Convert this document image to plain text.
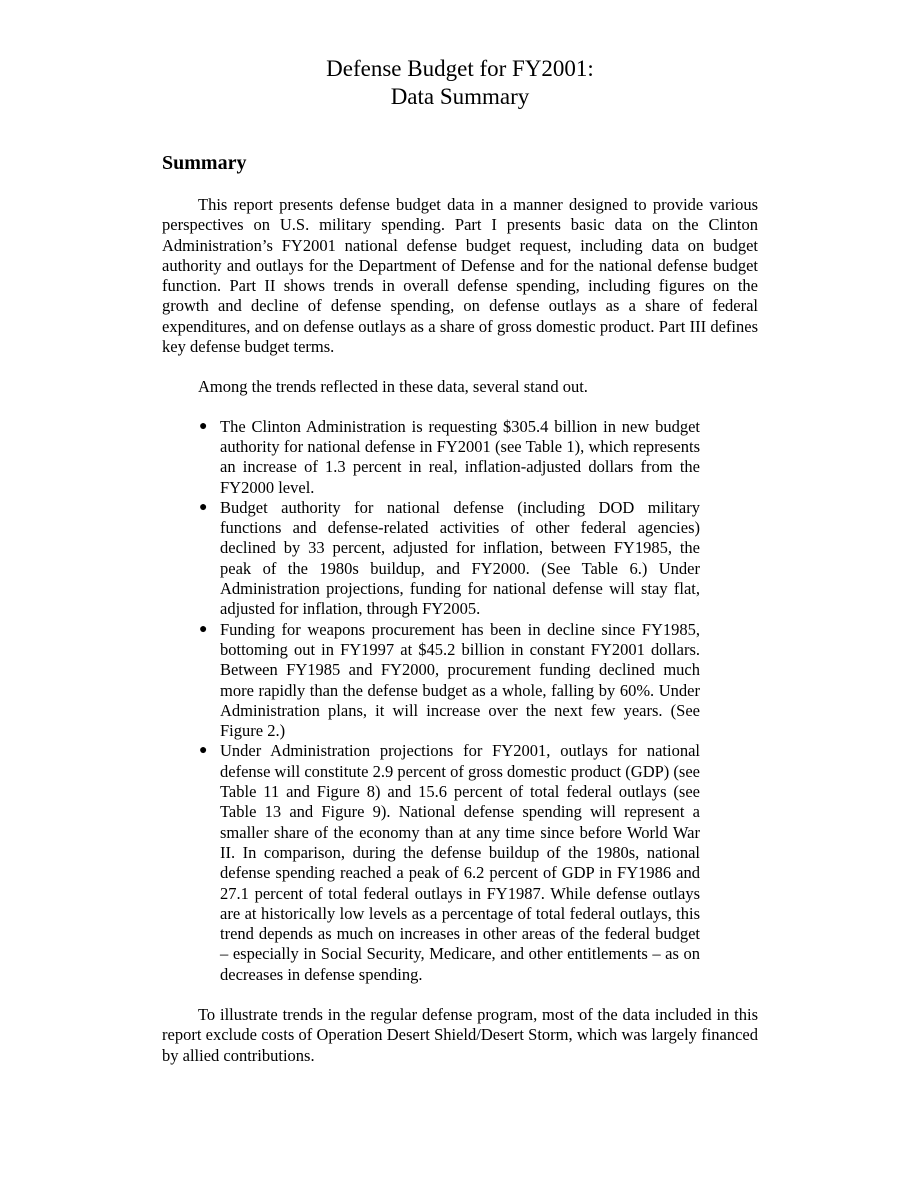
Defense Budget for FY2001:
Data Summary
Summary

This report presents defense budget data in a manner designed to provide various perspectives on U.S. military spending. Part I presents basic data on the Clinton Administration’s FY2001 national defense budget request, including data on budget authority and outlays for the Department of Defense and for the national defense budget function. Part II shows trends in overall defense spending, including figures on the growth and decline of defense spending, on defense outlays as a share of federal expenditures, and on defense outlays as a share of gross domestic product. Part III defines key defense budget terms.

Among the trends reflected in these data, several stand out.

● The Clinton Administration is requesting $305.4 billion in new budget authority for national defense in FY2001 (see Table 1), which represents an increase of 1.3 percent in real, inflation-adjusted dollars from the FY2000 level.
● Budget authority for national defense (including DOD military functions and defense-related activities of other federal agencies) declined by 33 percent, adjusted for inflation, between FY1985, the peak of the 1980s buildup, and FY2000. (See Table 6.) Under Administration projections, funding for national defense will stay flat, adjusted for inflation, through FY2005.
● Funding for weapons procurement has been in decline since FY1985, bottoming out in FY1997 at $45.2 billion in constant FY2001 dollars. Between FY1985 and FY2000, procurement funding declined much more rapidly than the defense budget as a whole, falling by 60%. Under Administration plans, it will increase over the next few years. (See Figure 2.)
● Under Administration projections for FY2001, outlays for national defense will constitute 2.9 percent of gross domestic product (GDP) (see Table 11 and Figure 8) and 15.6 percent of total federal outlays (see Table 13 and Figure 9). National defense spending will represent a smaller share of the economy than at any time since before World War II. In comparison, during the defense buildup of the 1980s, national defense spending reached a peak of 6.2 percent of GDP in FY1986 and 27.1 percent of total federal outlays in FY1987. While defense outlays are at historically low levels as a percentage of total federal outlays, this trend depends as much on increases in other areas of the federal budget – especially in Social Security, Medicare, and other entitlements – as on decreases in defense spending.

To illustrate trends in the regular defense program, most of the data included in this report exclude costs of Operation Desert Shield/Desert Storm, which was largely financed by allied contributions.
